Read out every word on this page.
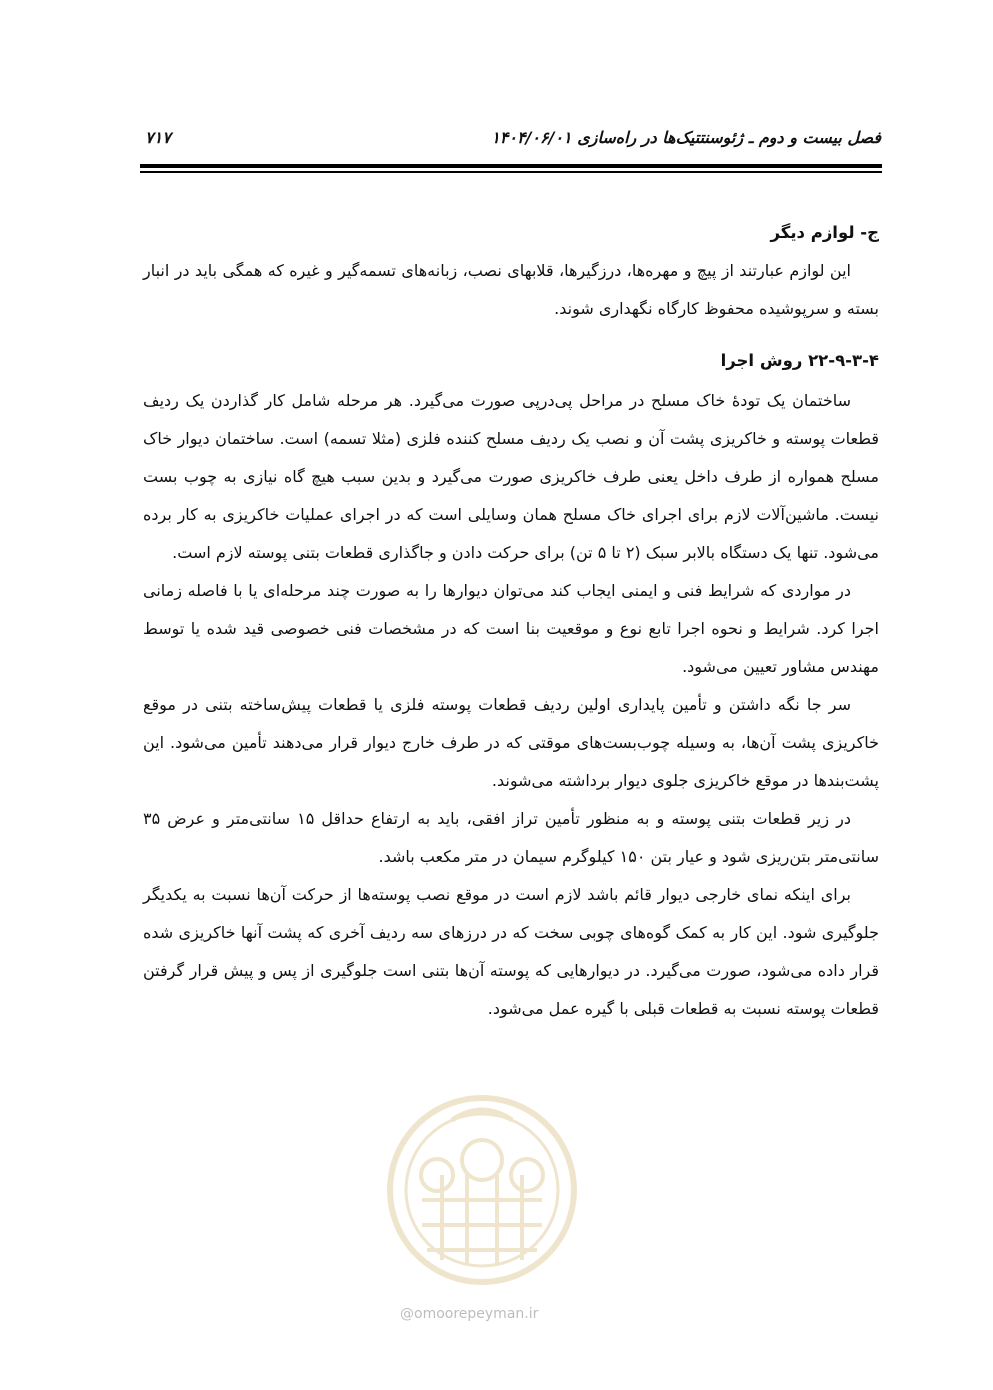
فصل بیست و دوم ـ ژئوسنتتیک‌ها در راه‌سازی ۱۴۰۴/۰۶/۰۱
۷۱۷
ج- لوازم دیگر

این لوازم عبارتند از پیچ و مهره‌ها، درزگیرها، قلابهای نصب، زبانه‌های تسمه‌گیر و غیره که همگی باید در انبار بسته و سرپوشیده محفوظ کارگاه نگهداری شوند.

۲۲-۹-۳-۴ روش اجرا

ساختمان یک تودۀ خاک مسلح در مراحل پی‌درپی صورت می‌گیرد. هر مرحله شامل کار گذاردن یک ردیف قطعات پوسته و خاکریزی پشت آن و نصب یک ردیف مسلح کننده فلزی (مثلا تسمه) است. ساختمان دیوار خاک مسلح همواره از طرف داخل یعنی طرف خاکریزی صورت می‌گیرد و بدین سبب هیچ گاه نیازی به چوب بست نیست. ماشین‌آلات لازم برای اجرای خاک مسلح همان وسایلی است که در اجرای عملیات خاکریزی به کار برده می‌شود. تنها یک دستگاه بالابر سبک (۲ تا ۵ تن) برای حرکت دادن و جاگذاری قطعات بتنی پوسته لازم است.

در مواردی که شرایط فنی و ایمنی ایجاب کند می‌توان دیوارها را به صورت چند مرحله‌ای یا با فاصله زمانی اجرا کرد. شرایط و نحوه اجرا تابع نوع و موقعیت بنا است که در مشخصات فنی خصوصی قید شده یا توسط مهندس مشاور تعیین می‌شود.

سر جا نگه داشتن و تأمین پایداری اولین ردیف قطعات پوسته فلزی یا قطعات پیش‌ساخته بتنی در موقع خاکریزی پشت آن‌ها، به وسیله چوب‌بست‌های موقتی که در طرف خارج دیوار قرار می‌دهند تأمین می‌شود. این پشت‌بندها در موقع خاکریزی جلوی دیوار برداشته می‌شوند.

در زیر قطعات بتنی پوسته و به منظور تأمین تراز افقی، باید به ارتفاع حداقل ۱۵ سانتی‌متر و عرض ۳۵ سانتی‌متر بتن‌ریزی شود و عیار بتن ۱۵۰ کیلوگرم سیمان در متر مکعب باشد.

برای اینکه نمای خارجی دیوار قائم باشد لازم است در موقع نصب پوسته‌ها از حرکت آن‌ها نسبت به یکدیگر جلوگیری شود. این کار به کمک گوه‌های چوبی سخت که در درزهای سه ردیف آخری که پشت آنها خاکریزی شده قرار داده می‌شود، صورت می‌گیرد. در دیوارهایی که پوسته آن‌ها بتنی است جلوگیری از پس و پیش قرار گرفتن قطعات پوسته نسبت به قطعات قبلی با گیره عمل می‌شود.

@omoorepeyman.ir
